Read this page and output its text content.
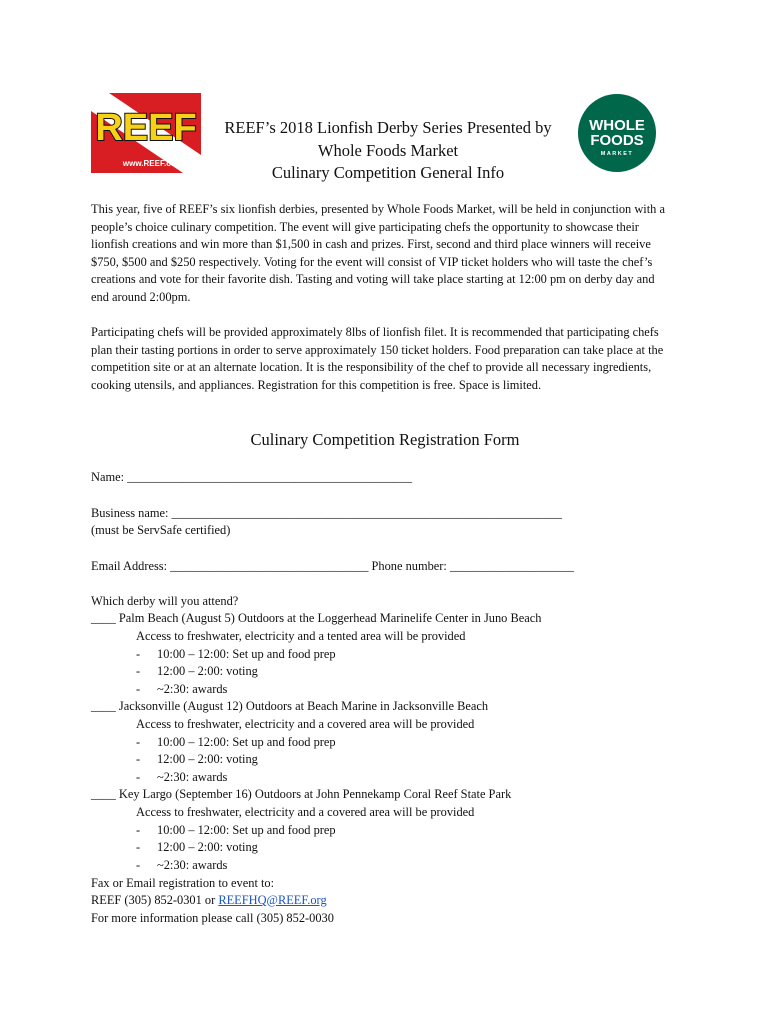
REEF
www.REEF.org
REEF’s 2018 Lionfish Derby Series Presented by
Whole Foods Market
Culinary Competition General Info
WHOLE
FOODS
MARKET

This year, five of REEF’s six lionfish derbies, presented by Whole Foods Market, will be held in conjunction with a people’s choice culinary competition. The event will give participating chefs the opportunity to showcase their lionfish creations and win more than $1,500 in cash and prizes. First, second and third place winners will receive $750, $500 and $250 respectively. Voting for the event will consist of VIP ticket holders who will taste the chef’s creations and vote for their favorite dish. Tasting and voting will take place starting at 12:00 pm on derby day and end around 2:00pm.

Participating chefs will be provided approximately 8lbs of lionfish filet. It is recommended that participating chefs plan their tasting portions in order to serve approximately 150 ticket holders. Food preparation can take place at the competition site or at an alternate location. It is the responsibility of the chef to provide all necessary ingredients, cooking utensils, and appliances. Registration for this competition is free. Space is limited.

Culinary Competition Registration Form
Name: ______________________________________________
Business name: _______________________________________________________________
(must be ServSafe certified)
Email Address: ________________________________ Phone number: ____________________
Which derby will you attend?
____ Palm Beach (August 5) Outdoors at the Loggerhead Marinelife Center in Juno Beach
Access to freshwater, electricity and a tented area will be provided
- 10:00 – 12:00: Set up and food prep
- 12:00 – 2:00: voting
- ~2:30: awards
____ Jacksonville (August 12) Outdoors at Beach Marine in Jacksonville Beach
Access to freshwater, electricity and a covered area will be provided
- 10:00 – 12:00: Set up and food prep
- 12:00 – 2:00: voting
- ~2:30: awards
____ Key Largo (September 16) Outdoors at John Pennekamp Coral Reef State Park
Access to freshwater, electricity and a covered area will be provided
- 10:00 – 12:00: Set up and food prep
- 12:00 – 2:00: voting
- ~2:30: awards
Fax or Email registration to event to:
REEF (305) 852-0301 or REEFHQ@REEF.org
For more information please call (305) 852-0030
